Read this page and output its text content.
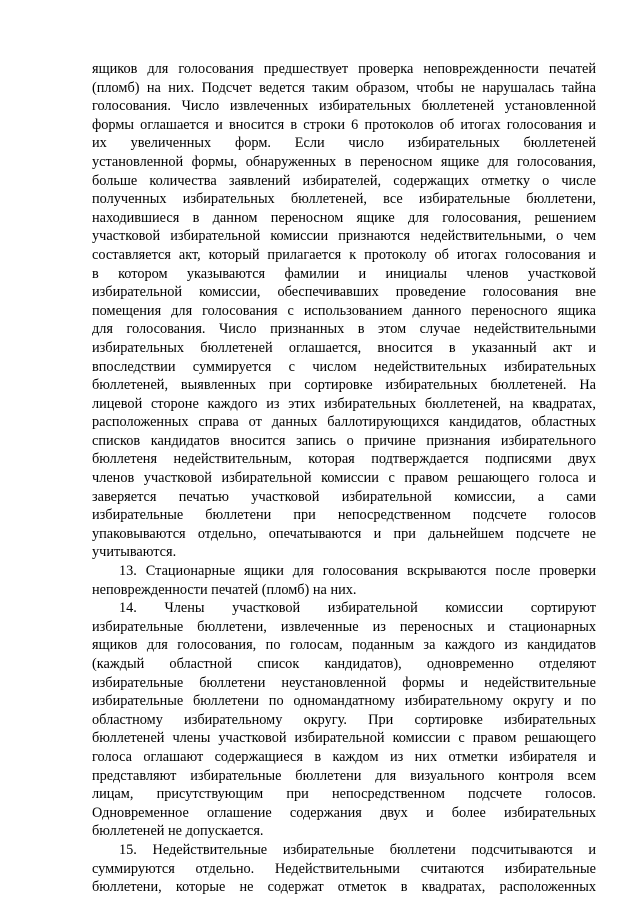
ящиков для голосования предшествует проверка неповрежденности печатей
(пломб) на них. Подсчет ведется таким образом, чтобы не нарушалась тайна
голосования. Число извлеченных избирательных бюллетеней установленной
формы оглашается и вносится в строки 6 протоколов об итогах голосования и
их увеличенных форм. Если число избирательных бюллетеней
установленной формы, обнаруженных в переносном ящике для голосования,
больше количества заявлений избирателей, содержащих отметку о числе
полученных избирательных бюллетеней, все избирательные бюллетени,
находившиеся в данном переносном ящике для голосования, решением
участковой избирательной комиссии признаются недействительными, о чем
составляется акт, который прилагается к протоколу об итогах голосования и
в котором указываются фамилии и инициалы членов участковой
избирательной комиссии, обеспечивавших проведение голосования вне
помещения для голосования с использованием данного переносного ящика
для голосования. Число признанных в этом случае недействительными
избирательных бюллетеней оглашается, вносится в указанный акт и
впоследствии суммируется с числом недействительных избирательных
бюллетеней, выявленных при сортировке избирательных бюллетеней. На
лицевой стороне каждого из этих избирательных бюллетеней, на квадратах,
расположенных справа от данных баллотирующихся кандидатов, областных
списков кандидатов вносится запись о причине признания избирательного
бюллетеня недействительным, которая подтверждается подписями двух
членов участковой избирательной комиссии с правом решающего голоса и
заверяется печатью участковой избирательной комиссии, а сами
избирательные бюллетени при непосредственном подсчете голосов
упаковываются отдельно, опечатываются и при дальнейшем подсчете не
учитываются.
13. Стационарные ящики для голосования вскрываются после проверки
неповрежденности печатей (пломб) на них.
14. Члены участковой избирательной комиссии сортируют
избирательные бюллетени, извлеченные из переносных и стационарных
ящиков для голосования, по голосам, поданным за каждого из кандидатов
(каждый областной список кандидатов), одновременно отделяют
избирательные бюллетени неустановленной формы и недействительные
избирательные бюллетени по одномандатному избирательному округу и по
областному избирательному округу. При сортировке избирательных
бюллетеней члены участковой избирательной комиссии с правом решающего
голоса оглашают содержащиеся в каждом из них отметки избирателя и
представляют избирательные бюллетени для визуального контроля всем
лицам, присутствующим при непосредственном подсчете голосов.
Одновременное оглашение содержания двух и более избирательных
бюллетеней не допускается.
15. Недействительные избирательные бюллетени подсчитываются и
суммируются отдельно. Недействительными считаются избирательные
бюллетени, которые не содержат отметок в квадратах, расположенных
